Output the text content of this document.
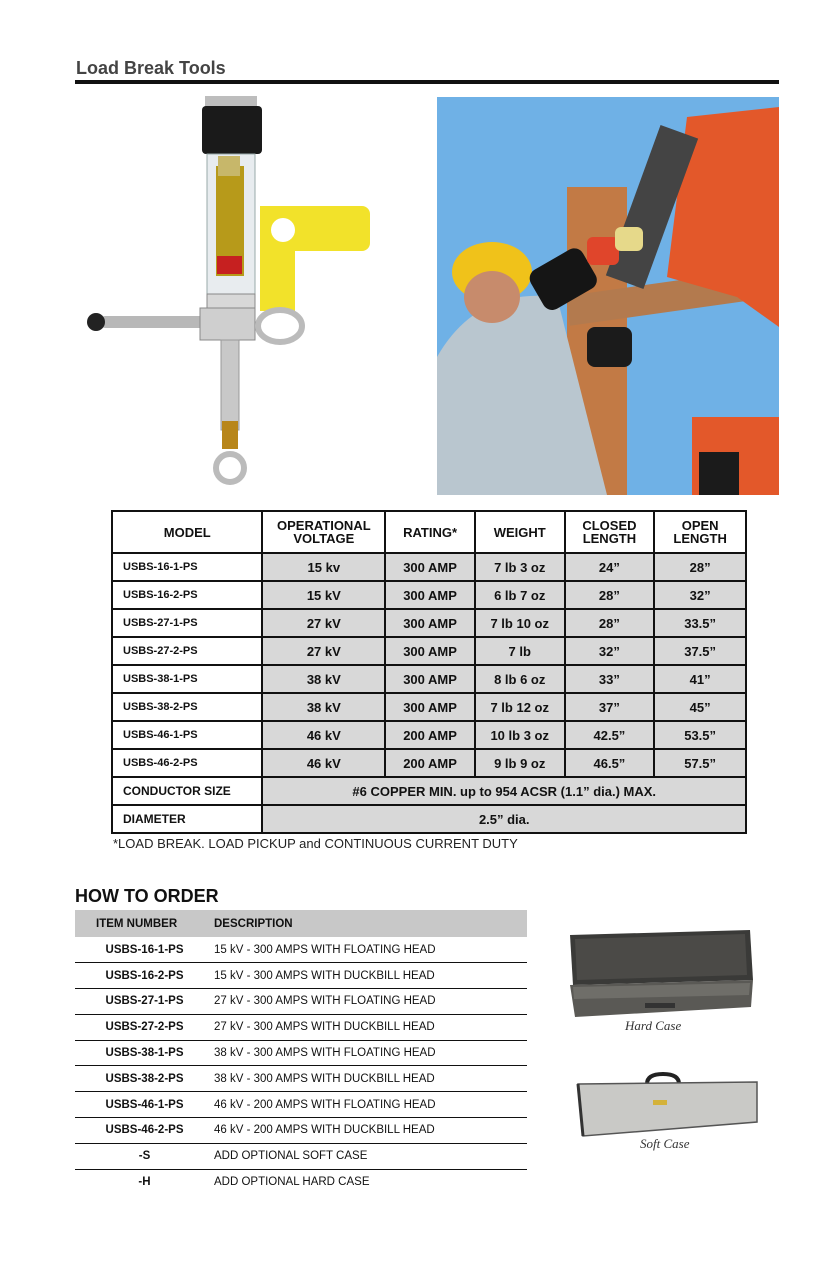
Load Break Tools
MODEL	OPERATIONAL VOLTAGE	RATING*	WEIGHT	CLOSED LENGTH	OPEN LENGTH
USBS-16-1-PS	15 kv	300 AMP	7 lb 3 oz	24”	28”
USBS-16-2-PS	15 kV	300 AMP	6 lb 7 oz	28”	32”
USBS-27-1-PS	27 kV	300 AMP	7 lb 10 oz	28”	33.5”
USBS-27-2-PS	27 kV	300 AMP	7 lb	32”	37.5”
USBS-38-1-PS	38 kV	300 AMP	8 lb 6 oz	33”	41”
USBS-38-2-PS	38 kV	300 AMP	7 lb 12 oz	37”	45”
USBS-46-1-PS	46 kV	200 AMP	10 lb 3 oz	42.5”	53.5”
USBS-46-2-PS	46 kV	200 AMP	9 lb 9 oz	46.5”	57.5”
CONDUCTOR SIZE	#6 COPPER MIN. up to 954 ACSR (1.1” dia.) MAX.				
DIAMETER	2.5” dia.				
*LOAD BREAK. LOAD PICKUP and CONTINUOUS CURRENT DUTY
HOW TO ORDER
ITEM NUMBER	DESCRIPTION
USBS-16-1-PS	15 kV - 300 AMPS WITH FLOATING HEAD
USBS-16-2-PS	15 kV - 300 AMPS WITH DUCKBILL HEAD
USBS-27-1-PS	27 kV - 300 AMPS WITH FLOATING HEAD
USBS-27-2-PS	27 kV - 300 AMPS WITH DUCKBILL HEAD
USBS-38-1-PS	38 kV - 300 AMPS WITH FLOATING HEAD
USBS-38-2-PS	38 kV - 300 AMPS WITH DUCKBILL HEAD
USBS-46-1-PS	46 kV - 200 AMPS WITH FLOATING HEAD
USBS-46-2-PS	46 kV - 200 AMPS WITH DUCKBILL HEAD
-S	ADD OPTIONAL SOFT CASE
-H	ADD OPTIONAL HARD CASE
Hard Case
Soft Case
